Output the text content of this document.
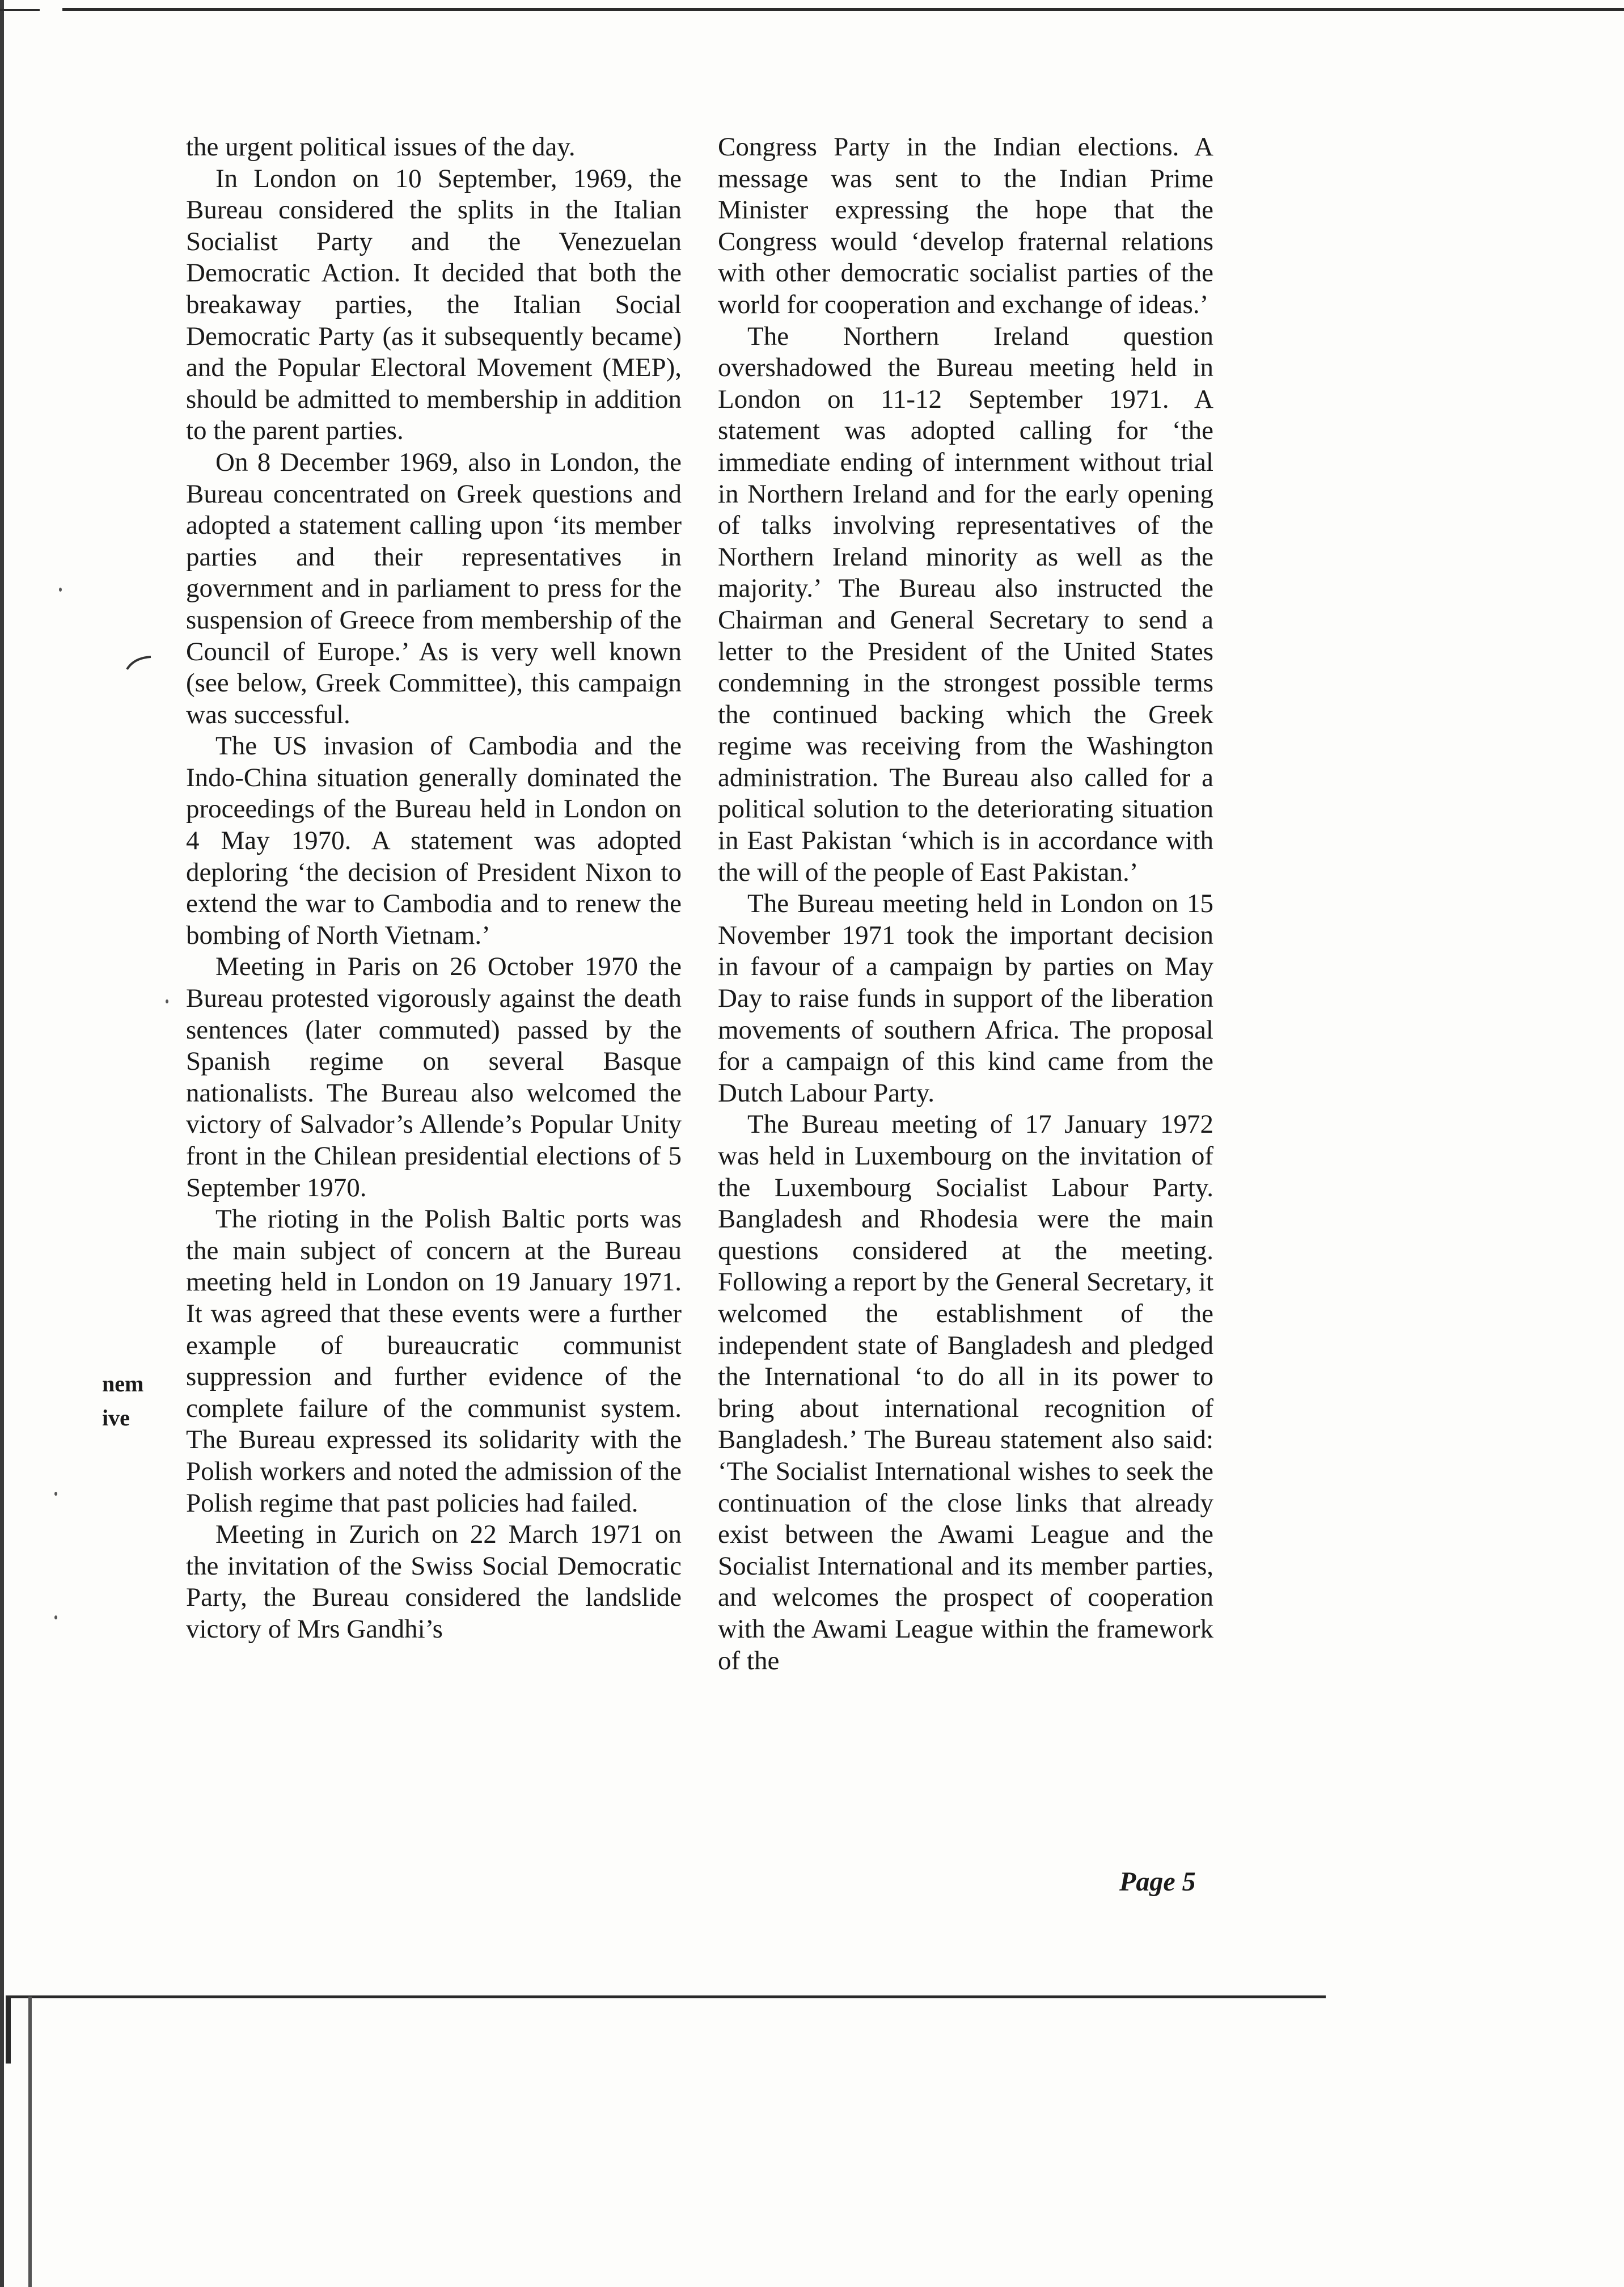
nem
ive

the urgent political issues of the day.

In London on 10 September, 1969, the Bureau considered the splits in the Italian Socialist Party and the Venezuelan Democratic Action. It decided that both the breakaway parties, the Italian Social Democratic Party (as it subsequently became) and the Popular Electoral Movement (MEP), should be admitted to membership in addition to the parent parties.

On 8 December 1969, also in London, the Bureau concentrated on Greek questions and adopted a statement calling upon ‘its member parties and their representatives in government and in parliament to press for the suspension of Greece from membership of the Council of Europe.’ As is very well known (see below, Greek Committee), this campaign was successful.

The US invasion of Cambodia and the Indo-China situation generally dominated the proceedings of the Bureau held in London on 4 May 1970. A statement was adopted deploring ‘the decision of President Nixon to extend the war to Cambodia and to renew the bombing of North Vietnam.’

Meeting in Paris on 26 October 1970 the Bureau protested vigorously against the death sentences (later commuted) passed by the Spanish regime on several Basque nationalists. The Bureau also welcomed the victory of Salvador’s Allende’s Popular Unity front in the Chilean presidential elections of 5 September 1970.

The rioting in the Polish Baltic ports was the main subject of concern at the Bureau meeting held in London on 19 January 1971. It was agreed that these events were a further example of bureaucratic communist suppression and further evidence of the complete failure of the communist system. The Bureau expressed its solidarity with the Polish workers and noted the admission of the Polish regime that past policies had failed.

Meeting in Zurich on 22 March 1971 on the invitation of the Swiss Social Democratic Party, the Bureau considered the landslide victory of Mrs Gandhi’s

Congress Party in the Indian elections. A message was sent to the Indian Prime Minister expressing the hope that the Congress would ‘develop fraternal relations with other democratic socialist parties of the world for cooperation and exchange of ideas.’

The Northern Ireland question overshadowed the Bureau meeting held in London on 11-12 September 1971. A statement was adopted calling for ‘the immediate ending of internment without trial in Northern Ireland and for the early opening of talks involving representatives of the Northern Ireland minority as well as the majority.’ The Bureau also instructed the Chairman and General Secretary to send a letter to the President of the United States condemning in the strongest possible terms the continued backing which the Greek regime was receiving from the Washington administration. The Bureau also called for a political solution to the deteriorating situation in East Pakistan ‘which is in accordance with the will of the people of East Pakistan.’

The Bureau meeting held in London on 15 November 1971 took the important decision in favour of a campaign by parties on May Day to raise funds in support of the liberation movements of southern Africa. The proposal for a campaign of this kind came from the Dutch Labour Party.

The Bureau meeting of 17 January 1972 was held in Luxembourg on the invitation of the Luxembourg Socialist Labour Party. Bangladesh and Rhodesia were the main questions considered at the meeting. Following a report by the General Secretary, it welcomed the establishment of the independent state of Bangladesh and pledged the International ‘to do all in its power to bring about international recognition of Bangladesh.’ The Bureau statement also said: ‘The Socialist International wishes to seek the continuation of the close links that already exist between the Awami League and the Socialist International and its member parties, and welcomes the prospect of cooperation with the Awami League within the framework of the

Page 5
